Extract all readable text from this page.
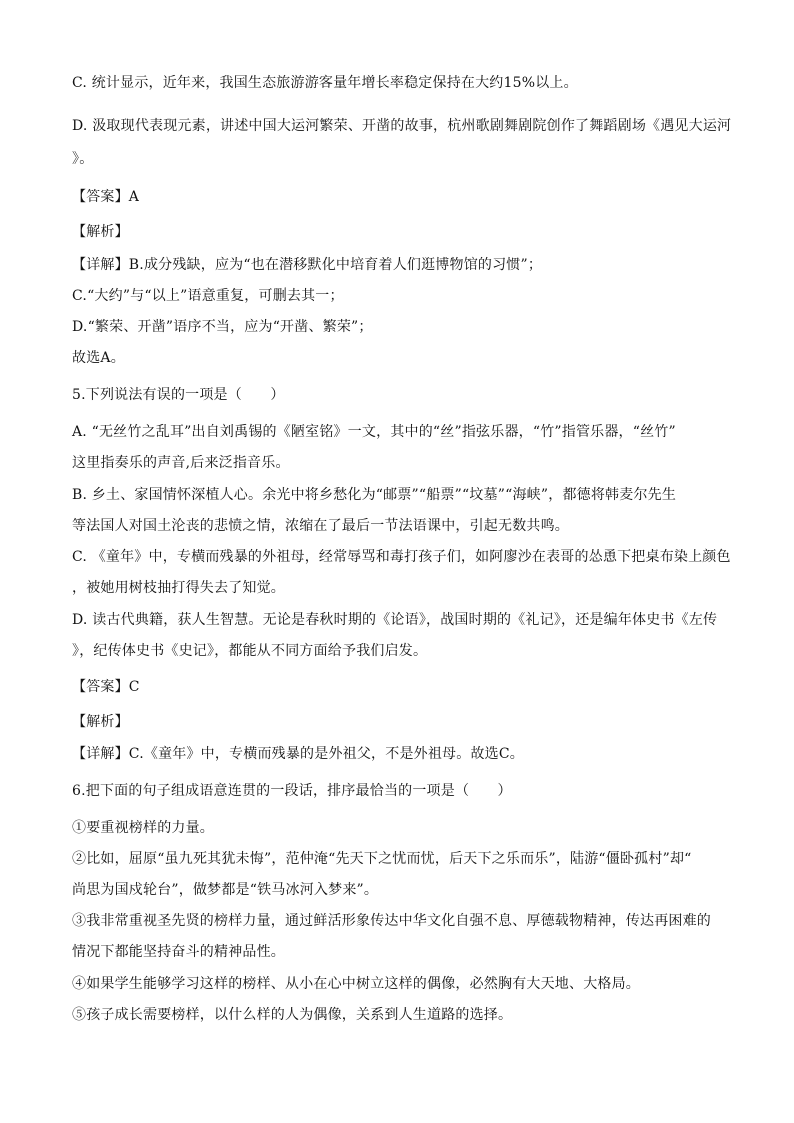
C. 统计显示，近年来，我国生态旅游游客量年增长率稳定保持在大约15%以上。
D. 汲取现代表现元素，讲述中国大运河繁荣、开凿的故事，杭州歌剧舞剧院创作了舞蹈剧场《遇见大运河
》。
【答案】A
【解析】
【详解】B.成分残缺，应为“也在潜移默化中培育着人们逛博物馆的习惯”；
C.“大约”与“以上”语意重复，可删去其一；
D.“繁荣、开凿”语序不当，应为“开凿、繁荣”；
故选A。
5.下列说法有误的一项是（　　）
A. “无丝竹之乱耳”出自刘禹锡的《陋室铭》一文，其中的“丝”指弦乐器，“竹”指管乐器，“丝竹”
这里指奏乐的声音,后来泛指音乐。
B. 乡土、家国情怀深植人心。余光中将乡愁化为“邮票”“船票”“坟墓”“海峡”，都德将韩麦尔先生
等法国人对国土沦丧的悲愤之情，浓缩在了最后一节法语课中，引起无数共鸣。
C. 《童年》中，专横而残暴的外祖母，经常辱骂和毒打孩子们，如阿廖沙在表哥的怂恿下把桌布染上颜色
，被她用树枝抽打得失去了知觉。
D. 读古代典籍，获人生智慧。无论是春秋时期的《论语》，战国时期的《礼记》，还是编年体史书《左传
》，纪传体史书《史记》，都能从不同方面给予我们启发。
【答案】C
【解析】
【详解】C.《童年》中，专横而残暴的是外祖父，不是外祖母。故选C。
6.把下面的句子组成语意连贯的一段话，排序最恰当的一项是（　　）
①要重视榜样的力量。
②比如，屈原“虽九死其犹未悔”，范仲淹“先天下之忧而忧，后天下之乐而乐”，陆游“僵卧孤村”却“
尚思为国戍轮台”，做梦都是“铁马冰河入梦来”。
③我非常重视圣先贤的榜样力量，通过鲜活形象传达中华文化自强不息、厚德载物精神，传达再困难的
情况下都能坚持奋斗的精神品性。
④如果学生能够学习这样的榜样、从小在心中树立这样的偶像，必然胸有大天地、大格局。
⑤孩子成长需要榜样，以什么样的人为偶像，关系到人生道路的选择。
